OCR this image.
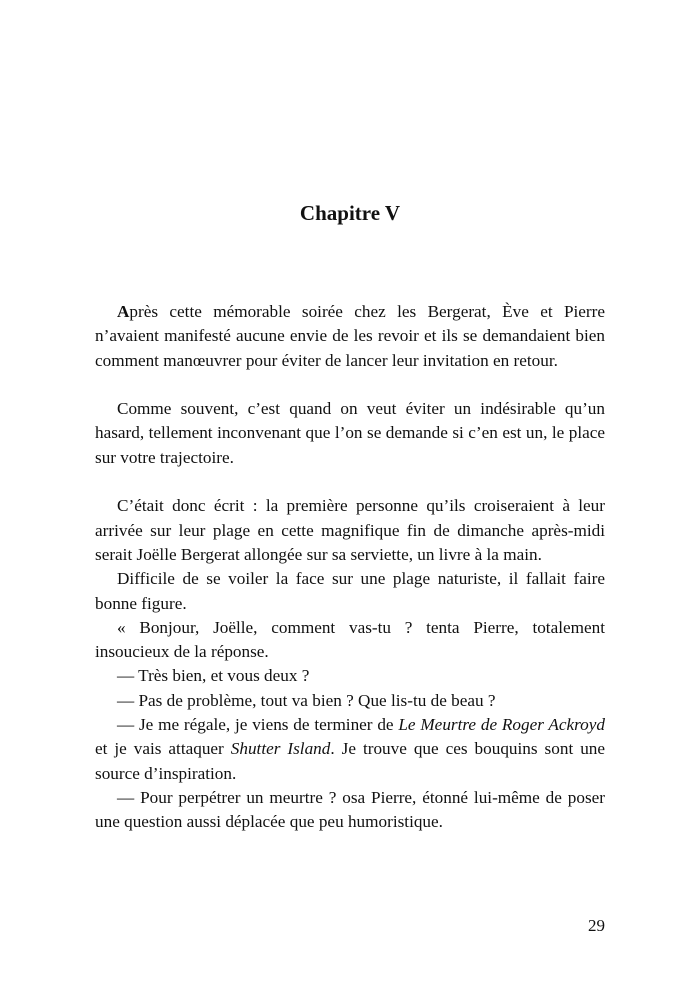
Chapitre V

Après cette mémorable soirée chez les Bergerat, Ève et Pierre n’avaient manifesté aucune envie de les revoir et ils se demandaient bien comment manœuvrer pour éviter de lancer leur invitation en retour.

Comme souvent, c’est quand on veut éviter un indésirable qu’un hasard, tellement inconvenant que l’on se demande si c’en est un, le place sur votre trajectoire.

C’était donc écrit : la première personne qu’ils croiseraient à leur arrivée sur leur plage en cette magnifique fin de dimanche après-midi serait Joëlle Bergerat allongée sur sa serviette, un livre à la main.

Difficile de se voiler la face sur une plage naturiste, il fallait faire bonne figure.

« Bonjour, Joëlle, comment vas-tu ? tenta Pierre, totalement insoucieux de la réponse.

— Très bien, et vous deux ?

— Pas de problème, tout va bien ? Que lis-tu de beau ?

— Je me régale, je viens de terminer de Le Meurtre de Roger Ackroyd et je vais attaquer Shutter Island. Je trouve que ces bouquins sont une source d’inspiration.

— Pour perpétrer un meurtre ? osa Pierre, étonné lui-même de poser une question aussi déplacée que peu humoristique.

29
